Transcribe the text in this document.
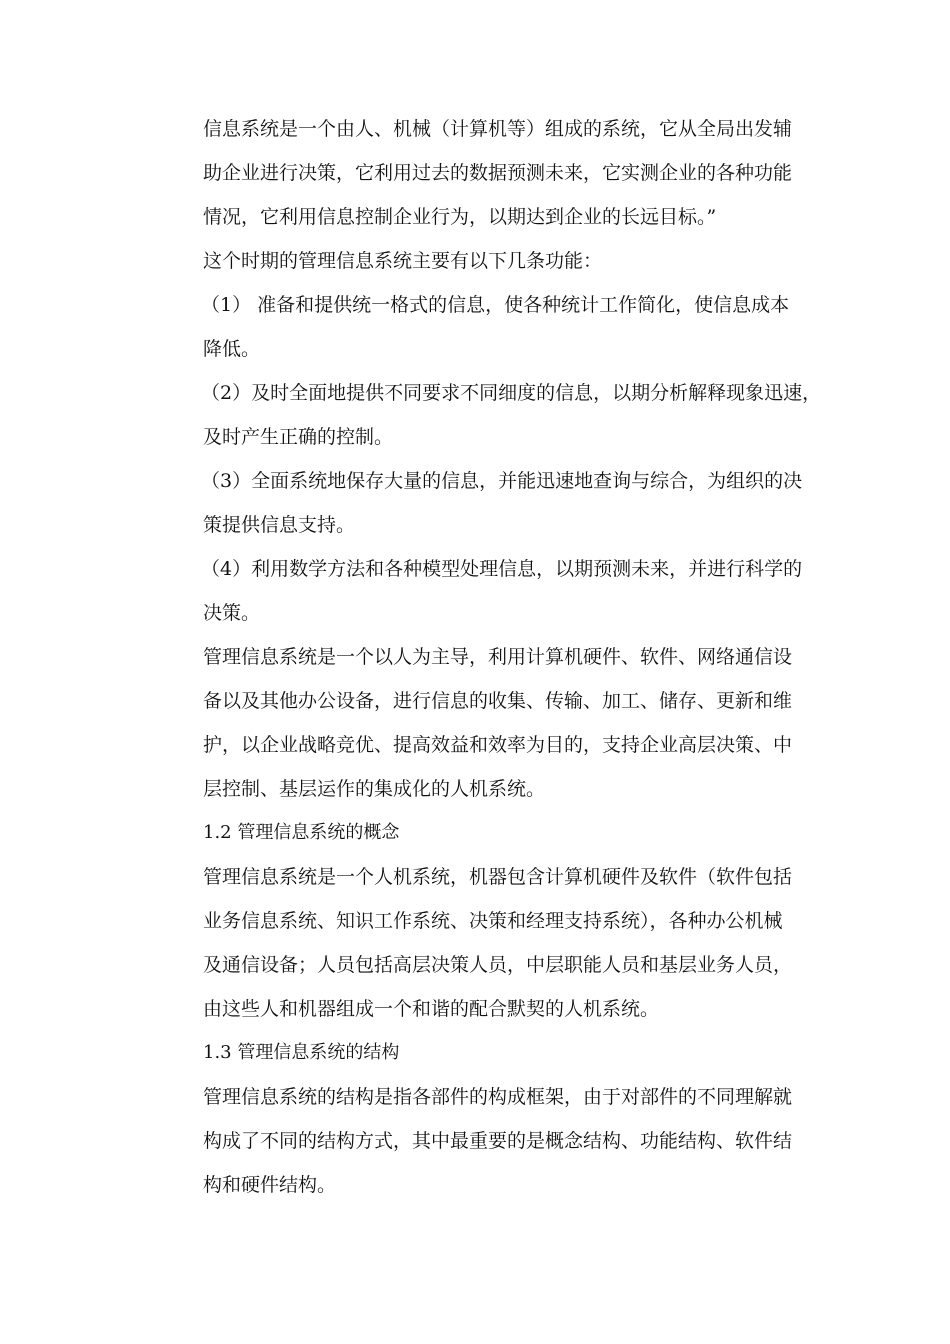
信息系统是一个由人、机械（计算机等）组成的系统，它从全局出发辅

助企业进行决策，它利用过去的数据预测未来，它实测企业的各种功能

情况，它利用信息控制企业行为，以期达到企业的长远目标。”

这个时期的管理信息系统主要有以下几条功能：

（1） 准备和提供统一格式的信息，使各种统计工作简化，使信息成本

降低。

（2）及时全面地提供不同要求不同细度的信息，以期分析解释现象迅速，

及时产生正确的控制。

（3）全面系统地保存大量的信息，并能迅速地查询与综合，为组织的决

策提供信息支持。

（4）利用数学方法和各种模型处理信息，以期预测未来，并进行科学的

决策。

管理信息系统是一个以人为主导，利用计算机硬件、软件、网络通信设

备以及其他办公设备，进行信息的收集、传输、加工、储存、更新和维

护，以企业战略竞优、提高效益和效率为目的，支持企业高层决策、中

层控制、基层运作的集成化的人机系统。

1.2 管理信息系统的概念

管理信息系统是一个人机系统，机器包含计算机硬件及软件（软件包括

业务信息系统、知识工作系统、决策和经理支持系统），各种办公机械

及通信设备；人员包括高层决策人员，中层职能人员和基层业务人员，

由这些人和机器组成一个和谐的配合默契的人机系统。

1.3 管理信息系统的结构

管理信息系统的结构是指各部件的构成框架，由于对部件的不同理解就

构成了不同的结构方式，其中最重要的是概念结构、功能结构、软件结

构和硬件结构。
